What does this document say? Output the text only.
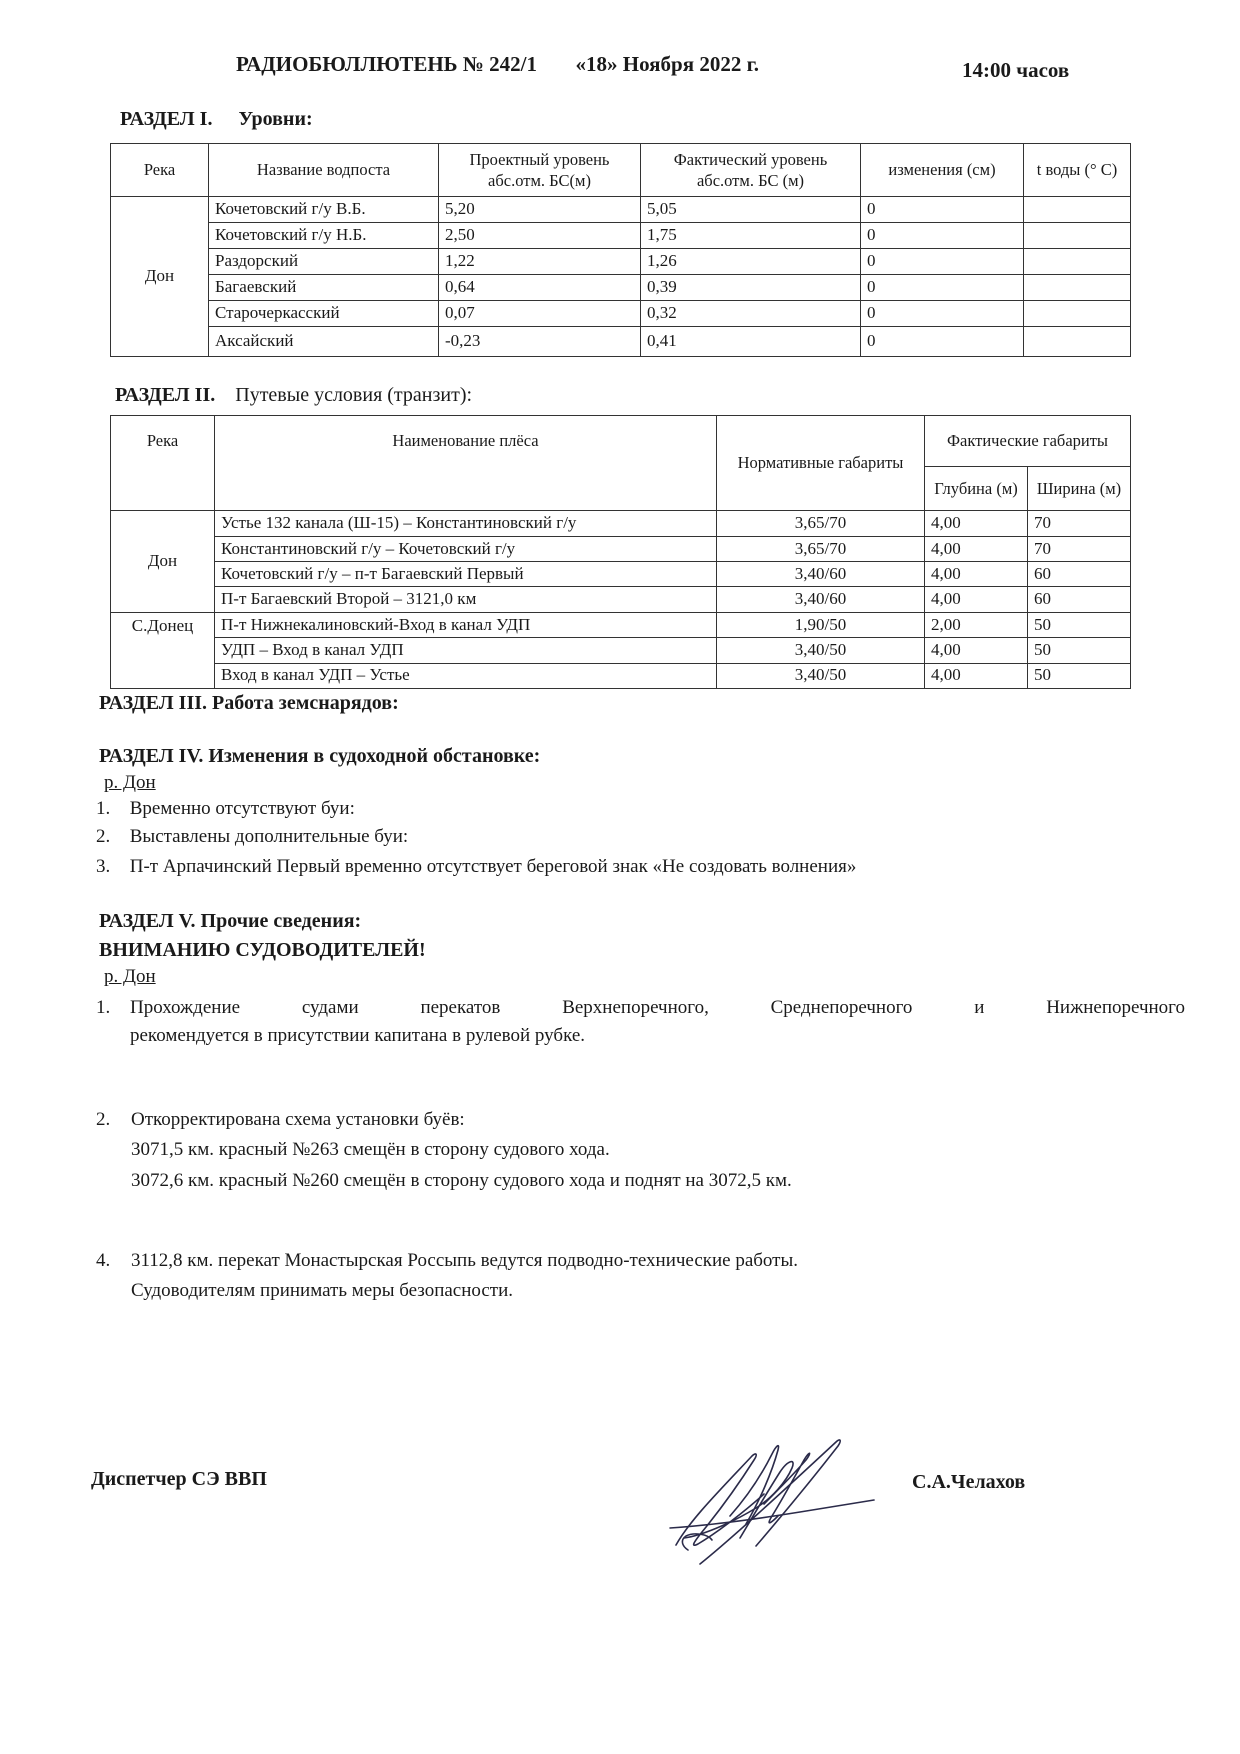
РАДИОБЮЛЛЮТЕНЬ № 242/1 «18» Ноября 2022 г.	14:00 часов
РАЗДЕЛ I. Уровни:
Река	Название водпоста	Проектный уровень абс.отм. БС(м)	Фактический уровень абс.отм. БС (м)	изменения (см)	t воды (° С)
Дон	Кочетовский г/у В.Б.	5,20	5,05	0	
	Кочетовский г/у Н.Б.	2,50	1,75	0	
	Раздорский	1,22	1,26	0	
	Багаевский	0,64	0,39	0	
	Старочеркасский	0,07	0,32	0	
	Аксайский	-0,23	0,41	0	
РАЗДЕЛ II. Путевые условия (транзит):
Река	Наименование плёса	Нормативные габариты	Фактические габариты	
			Глубина (м)	Ширина (м)
Дон	Устье 132 канала (Ш-15) – Константиновский г/у	3,65/70	4,00	70
	Константиновский г/у – Кочетовский г/у	3,65/70	4,00	70
	Кочетовский г/у – п-т Багаевский Первый	3,40/60	4,00	60
	П-т Багаевский Второй – 3121,0 км	3,40/60	4,00	60
С.Донец	П-т Нижнекалиновский-Вход в канал УДП	1,90/50	2,00	50
	УДП – Вход в канал УДП	3,40/50	4,00	50
	Вход в канал УДП – Устье	3,40/50	4,00	50
РАЗДЕЛ III. Работа земснарядов:
РАЗДЕЛ IV. Изменения в судоходной обстановке:
р. Дон
1. Временно отсутствуют буи:
2. Выставлены дополнительные буи:
3. П-т Арпачинский Первый временно отсутствует береговой знак «Не создовать волнения»
РАЗДЕЛ V. Прочие сведения:
ВНИМАНИЮ СУДОВОДИТЕЛЕЙ!
р. Дон
1. Прохождение судами перекатов Верхнепоречного, Среднепоречного и Нижнепоречного
рекомендуется в присутствии капитана в рулевой рубке.
2. Откорректирована схема установки буёв:
3071,5 км. красный №263 смещён в сторону судового хода.
3072,6 км. красный №260 смещён в сторону судового хода и поднят на 3072,5 км.
4. 3112,8 км. перекат Монастырская Россыпь ведутся подводно-технические работы.
Судоводителям принимать меры безопасности.
Диспетчер СЭ ВВП	С.А.Челахов
